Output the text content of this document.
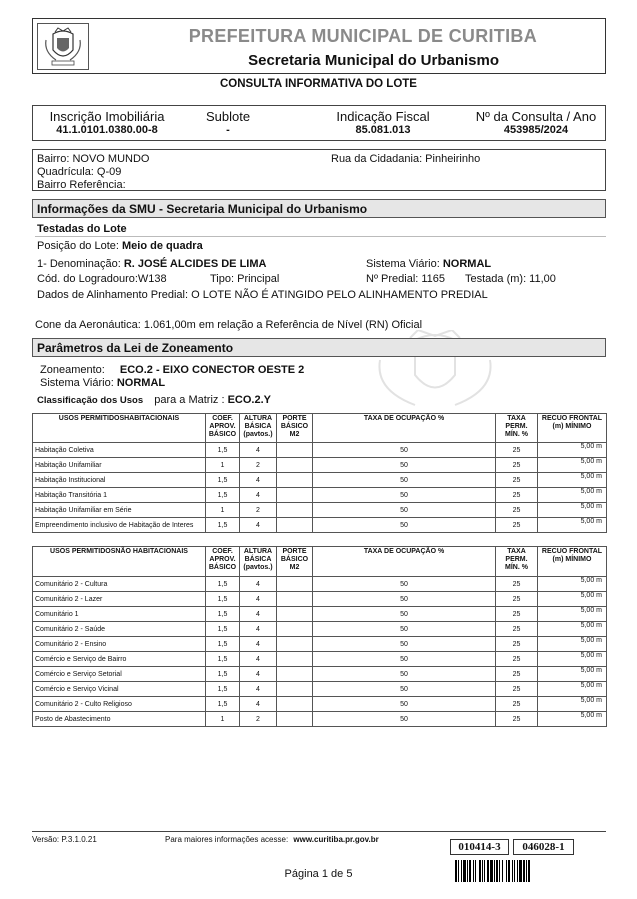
PREFEITURA MUNICIPAL DE CURITIBA
Secretaria Municipal do Urbanismo
CONSULTA INFORMATIVA DO LOTE
Inscrição Imobiliária
41.1.0101.0380.00-8
Sublote
-
Indicação Fiscal
85.081.013
Nº da Consulta / Ano
453985/2024
Bairro: NOVO MUNDO	Rua da Cidadania: Pinheirinho
Quadrícula: Q-09
Bairro Referência:
Informações da SMU - Secretaria Municipal do Urbanismo
Testadas do Lote
Posição do Lote: Meio de quadra
1- Denominação: R. JOSÉ ALCIDES DE LIMA	Sistema Viário: NORMAL
Cód. do Logradouro:W138	Tipo: Principal	Nº Predial: 1165 Testada (m): 11,00
Dados de Alinhamento Predial: O LOTE NÃO É ATINGIDO PELO ALINHAMENTO PREDIAL
Cone da Aeronáutica: 1.061,00m em relação a Referência de Nível (RN) Oficial
Parâmetros da Lei de Zoneamento
Zoneamento: ECO.2 - EIXO CONECTOR OESTE 2
Sistema Viário: NORMAL
Classificação dos Usos para a Matriz : ECO.2.Y
USOS PERMITIDOSHABITACIONAIS	COEF. APROV. BÁSICO	ALTURA BÁSICA (pavtos.)	PORTE BÁSICO M2	TAXA DE OCUPAÇÃO %	TAXA PERM. MÍN. %	RECUO FRONTAL (m) MÍNIMO
Habitação Coletiva	1,5	4		50	25	5,00 m
Habitação Unifamiliar	1	2		50	25	5,00 m
Habitação Institucional	1,5	4		50	25	5,00 m
Habitação Transitória 1	1,5	4		50	25	5,00 m
Habitação Unifamiliar em Série	1	2		50	25	5,00 m
Empreendimento inclusivo de Habitação de Interes	1,5	4		50	25	5,00 m
USOS PERMITIDOSNÃO HABITACIONAIS	COEF. APROV. BÁSICO	ALTURA BÁSICA (pavtos.)	PORTE BÁSICO M2	TAXA DE OCUPAÇÃO %	TAXA PERM. MÍN. %	RECUO FRONTAL (m) MÍNIMO
Comunitário 2 - Cultura	1,5	4		50	25	5,00 m
Comunitário 2 - Lazer	1,5	4		50	25	5,00 m
Comunitário 1	1,5	4		50	25	5,00 m
Comunitário 2 - Saúde	1,5	4		50	25	5,00 m
Comunitário 2 - Ensino	1,5	4		50	25	5,00 m
Comércio e Serviço de Bairro	1,5	4		50	25	5,00 m
Comércio e Serviço Setorial	1,5	4		50	25	5,00 m
Comércio e Serviço Vicinal	1,5	4		50	25	5,00 m
Comunitário 2 - Culto Religioso	1,5	4		50	25	5,00 m
Posto de Abastecimento	1	2		50	25	5,00 m
Versão: P.3.1.0.21	Para maiores informações acesse: www.curitiba.pr.gov.br
010414-3	046028-1
Página 1 de 5
